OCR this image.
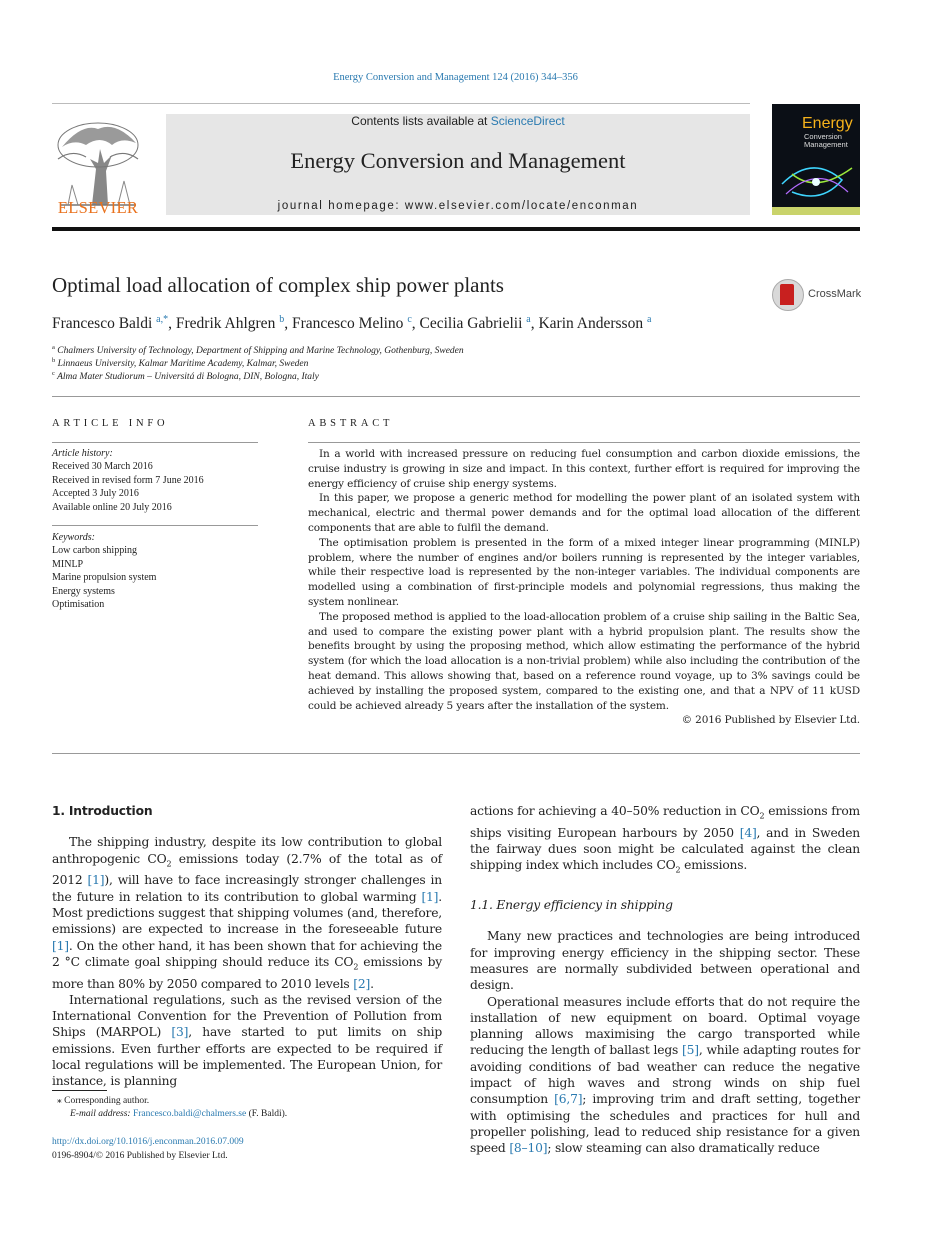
Energy Conversion and Management 124 (2016) 344–356
ELSEVIER
Contents lists available at ScienceDirect
Energy Conversion and Management
journal homepage: www.elsevier.com/locate/enconman
Energy
Conversion
Management
Optimal load allocation of complex ship power plants	CrossMark
Francesco Baldi $^{a,*}$, Fredrik Ahlgren $^b$, Francesco Melino $^c$, Cecilia Gabrielii $^a$, Karin Andersson $^a$
$^a$ Chalmers University of Technology, Department of Shipping and Marine Technology, Gothenburg, Sweden
$^b$ Linnaeus University, Kalmar Maritime Academy, Kalmar, Sweden
$^c$ Alma Mater Studiorum – Universitá di Bologna, DIN, Bologna, Italy
ARTICLE INFO	ABSTRACT
Article history:
Received 30 March 2016
Received in revised form 7 June 2016
Accepted 3 July 2016
Available online 20 July 2016
Keywords:
Low carbon shipping
MINLP
Marine propulsion system
Energy systems
Optimisation

In a world with increased pressure on reducing fuel consumption and carbon dioxide emissions, the cruise industry is growing in size and impact. In this context, further effort is required for improving the energy efficiency of cruise ship energy systems.

In this paper, we propose a generic method for modelling the power plant of an isolated system with mechanical, electric and thermal power demands and for the optimal load allocation of the different components that are able to fulfil the demand.

The optimisation problem is presented in the form of a mixed integer linear programming (MINLP) problem, where the number of engines and/or boilers running is represented by the integer variables, while their respective load is represented by the non-integer variables. The individual components are modelled using a combination of first-principle models and polynomial regressions, thus making the system nonlinear.

The proposed method is applied to the load-allocation problem of a cruise ship sailing in the Baltic Sea, and used to compare the existing power plant with a hybrid propulsion plant. The results show the benefits brought by using the proposing method, which allow estimating the performance of the hybrid system (for which the load allocation is a non-trivial problem) while also including the contribution of the heat demand. This allows showing that, based on a reference round voyage, up to 3% savings could be achieved by installing the proposed system, compared to the existing one, and that a NPV of 11 kUSD could be achieved already 5 years after the installation of the system.

© 2016 Published by Elsevier Ltd.

1. Introduction

The shipping industry, despite its low contribution to global anthropogenic $CO_2$ emissions today (2.7% of the total as of 2012 [1]), will have to face increasingly stronger challenges in the future in relation to its contribution to global warming [1]. Most predictions suggest that shipping volumes (and, therefore, emissions) are expected to increase in the foreseeable future [1]. On the other hand, it has been shown that for achieving the 2 °C climate goal shipping should reduce its $CO_2$ emissions by more than 80% by 2050 compared to 2010 levels [2].

International regulations, such as the revised version of the International Convention for the Prevention of Pollution from Ships (MARPOL) [3], have started to put limits on ship emissions. Even further efforts are expected to be required if local regulations will be implemented. The European Union, for instance, is planning

actions for achieving a 40–50% reduction in $CO_2$ emissions from ships visiting European harbours by 2050 [4], and in Sweden the fairway dues soon might be calculated against the clean shipping index which includes $CO_2$ emissions.

1.1. Energy efficiency in shipping

Many new practices and technologies are being introduced for improving energy efficiency in the shipping sector. These measures are normally subdivided between operational and design.

Operational measures include efforts that do not require the installation of new equipment on board. Optimal voyage planning allows maximising the cargo transported while reducing the length of ballast legs [5], while adapting routes for avoiding conditions of bad weather can reduce the negative impact of high waves and strong winds on ship fuel consumption [6,7]; improving trim and draft setting, together with optimising the schedules and practices for hull and propeller polishing, lead to reduced ship resistance for a given speed [8–10]; slow steaming can also dramatically reduce

⁎ Corresponding author.
E-mail address: Francesco.baldi@chalmers.se (F. Baldi).
http://dx.doi.org/10.1016/j.enconman.2016.07.009
0196-8904/© 2016 Published by Elsevier Ltd.
